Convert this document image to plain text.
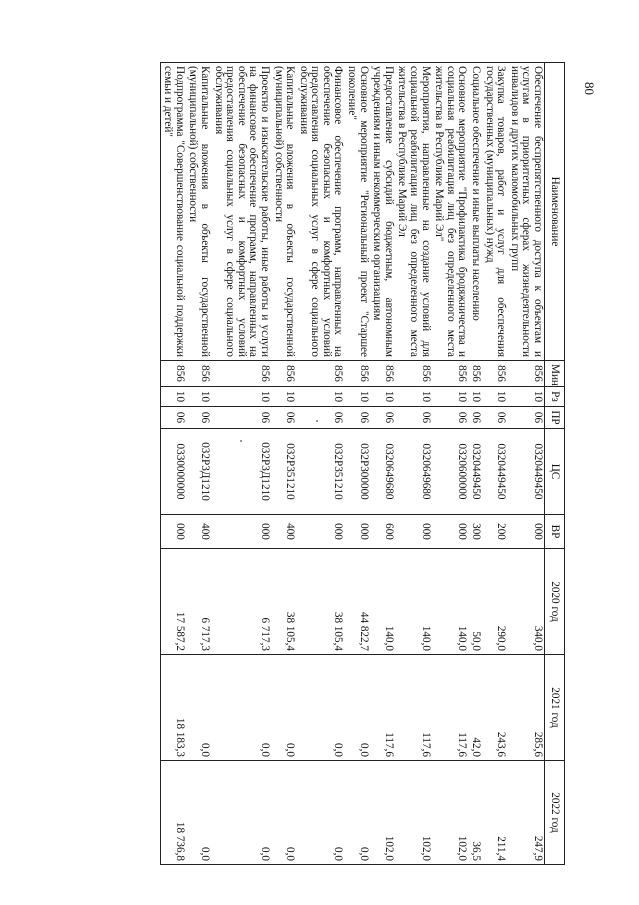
80
Наименование	Мин	Рз	ПР	ЦС	ВР	2020 год	2021 год	2022 год
Обеспечение беспрепятственного доступа к объектам и услугам в приоритетных сферах жизнедеятельности инвалидов и других маломобильных групп	856	10	06	0320449450	000	340,0	285,6	247,9
Закупка товаров, работ и услуг для обеспечения государственных (муниципальных) нужд	856	10	06	0320449450	200	290,0	243,6	211,4
Социальное обеспечение и иные выплаты населению	856	10	06	0320449450	300	50,0	42,0	36,5
Основное мероприятие "Профилактика бродяжничества и социальная реабилитация лиц без определенного места жительства в Республике Марий Эл"	856	10	06	0320600000	000	140,0	117,6	102,0
Мероприятия, направленные на создание условий для социальной реабилитации лиц без определенного места жительства в Республике Марий Эл	856	10	06	0320649680	000	140,0	117,6	102,0
Предоставление субсидий бюджетным, автономным учреждениям и иным некоммерческим организациям	856	10	06	0320649680	600	140,0	117,6	102,0
Основное мероприятие "Региональный проект "Старшее поколение"	856	10	06	032P300000	000	44 822,7	0,0	0,0
Финансовое обеспечение программ, направленных на обеспечение безопасных и комфортных условий предоставления социальных услуг в сфере социального обслуживания	856	10	06	032P351210	000	38 105,4	0,0	0,0
Капитальные вложения в объекты государственной (муниципальной) собственности	856	10	06	032P351210	400	38 105,4	0,0	0,0
Проектно и изыскательские работы, иные работы и услуги на финансовое обеспечение программ, направленных на обеспечение безопасных и комфортных условий предоставления социальных услуг в сфере социального обслуживания	856	10	06	032P3Д1210	000	6 717,3	0,0	0,0
Капитальные вложения в объекты государственной (муниципальной) собственности	856	10	06	032P3Д1210	400	6 717,3	0,0	0,0
Подпрограмма "Совершенствование социальной поддержки семьи и детей"	856	10	06	0330000000	000	17 587,2	18 183,3	18 736,8
